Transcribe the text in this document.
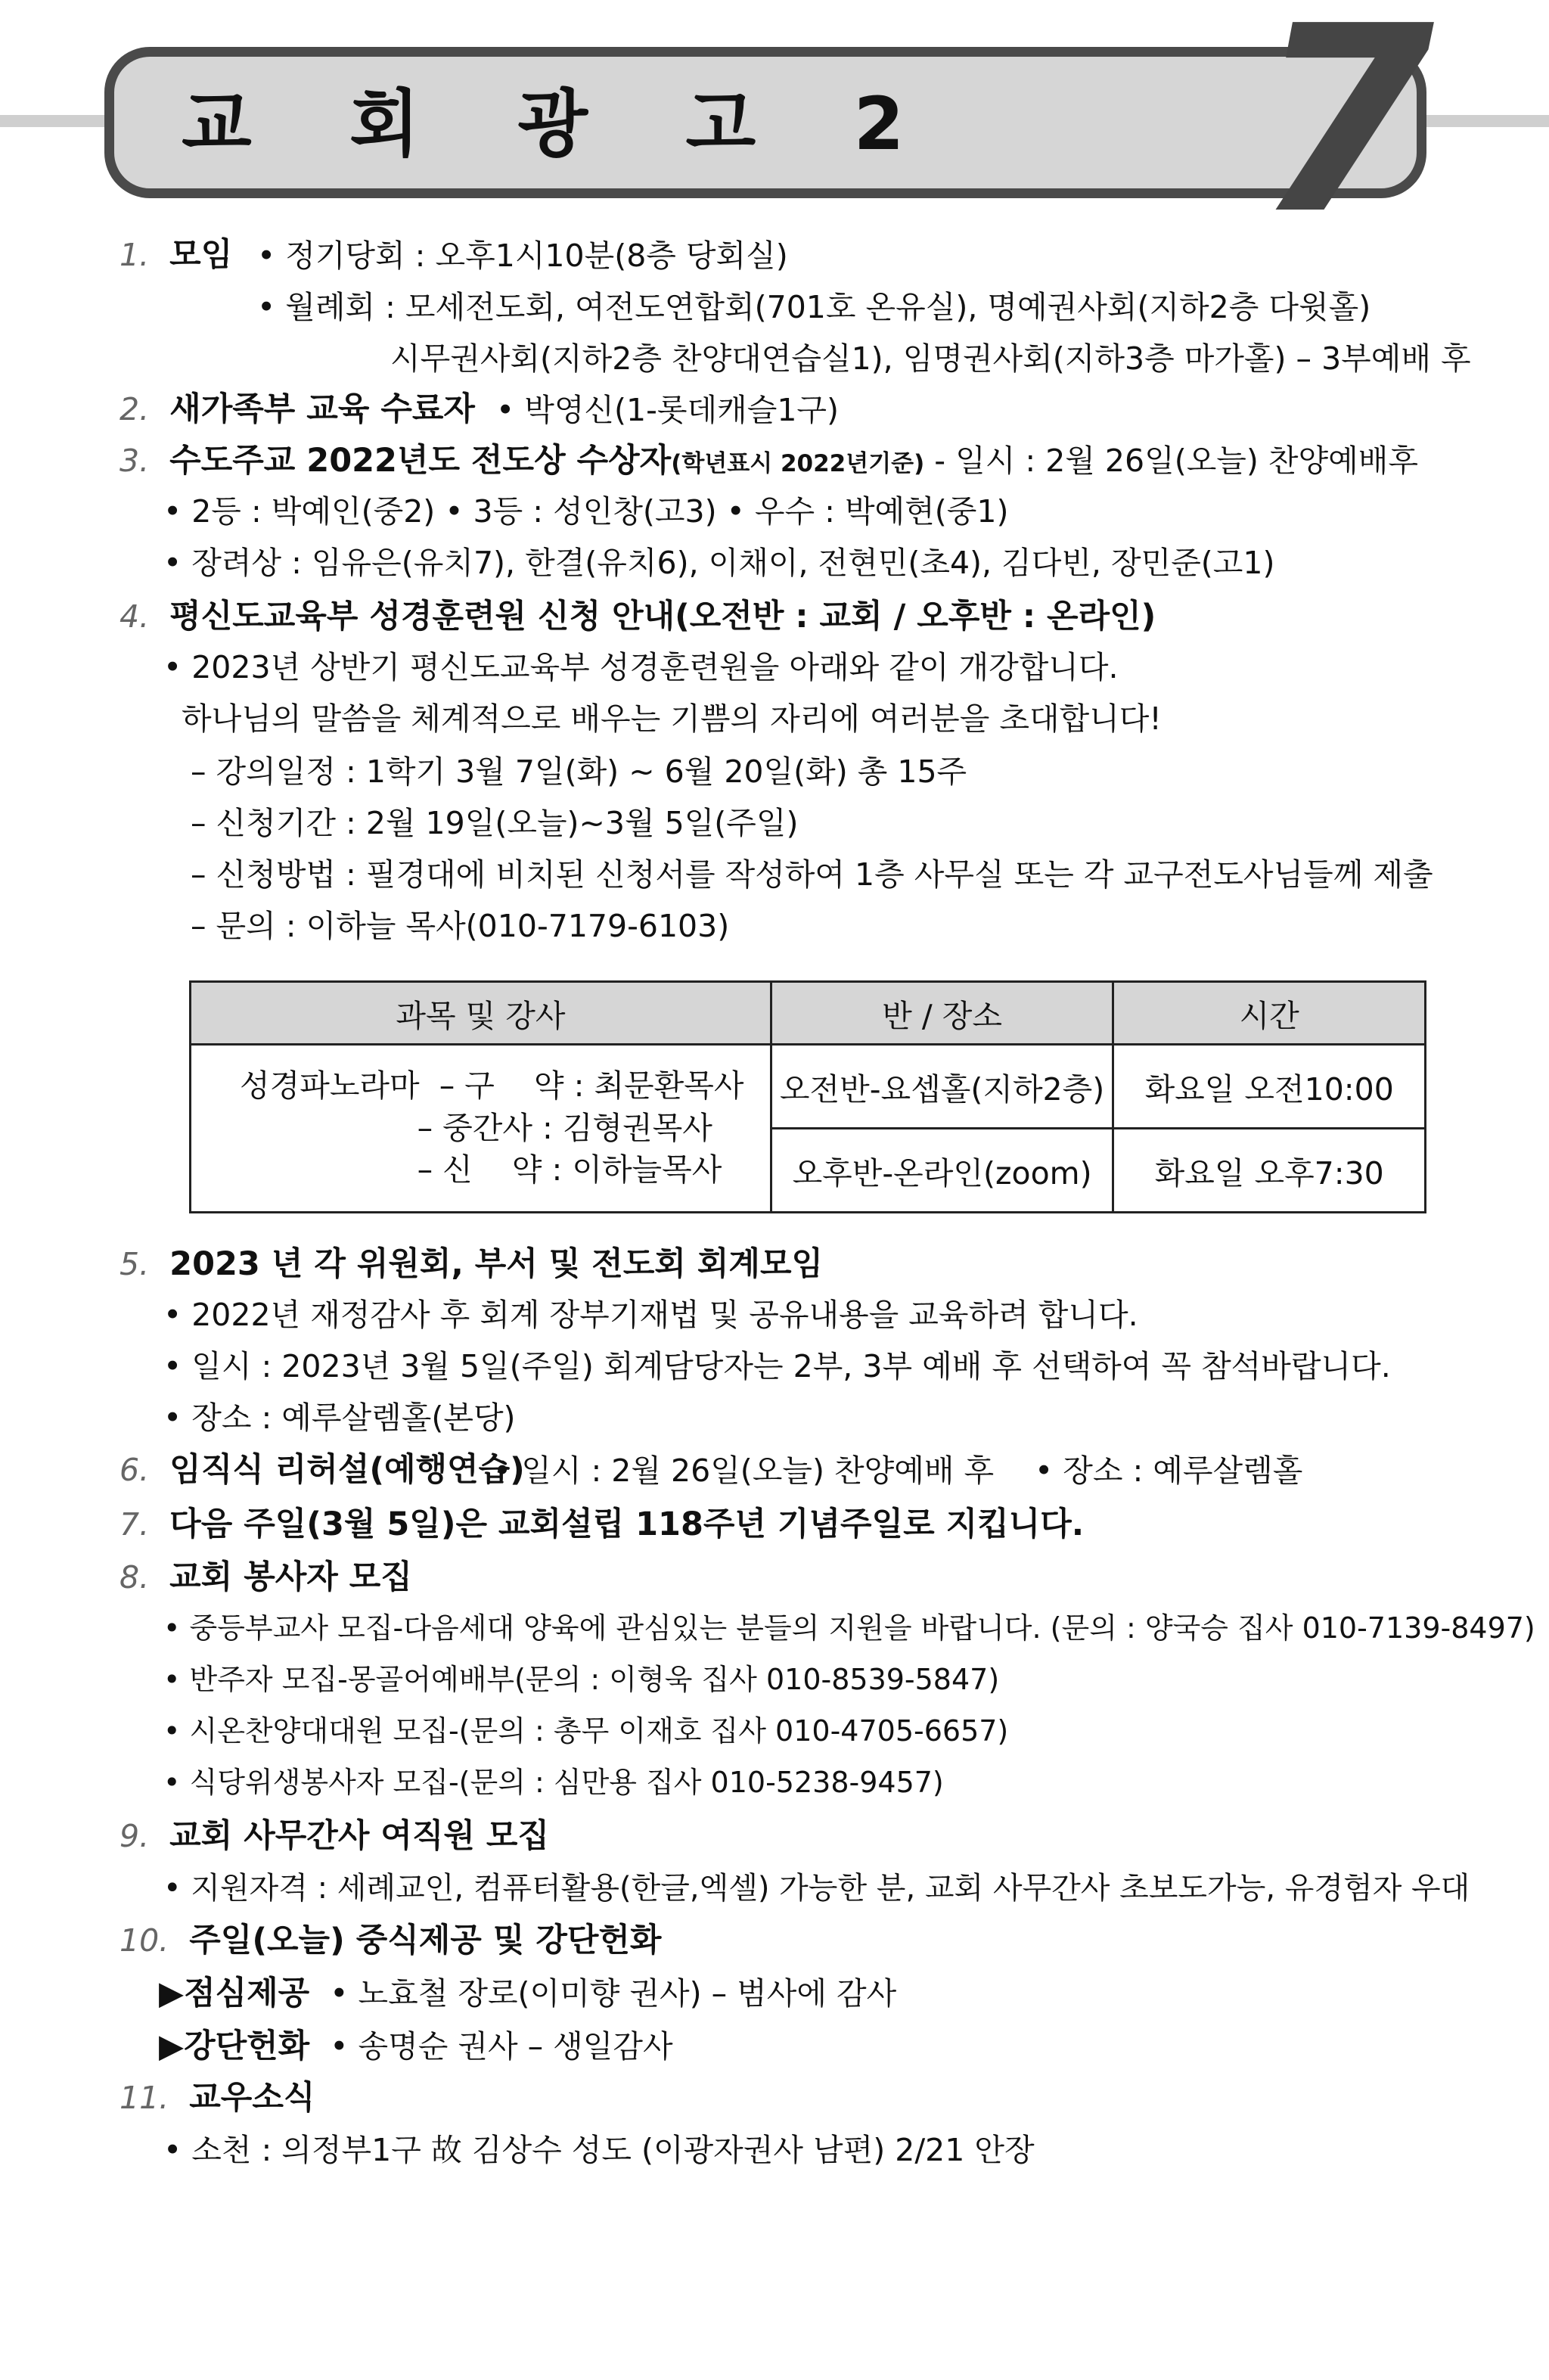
교 회 광 고 2 7
1. 모임 • 정기당회 : 오후1시10분(8층 당회실)
• 월례회 : 모세전도회, 여전도연합회(701호 온유실), 명예권사회(지하2층 다윗홀)
시무권사회(지하2층 찬양대연습실1), 임명권사회(지하3층 마가홀) – 3부예배 후
2. 새가족부 교육 수료자 • 박영신(1-롯데캐슬1구)
3. 수도주교 2022년도 전도상 수상자(학년표시 2022년기준) - 일시 : 2월 26일(오늘) 찬양예배후
• 2등 : 박예인(중2) • 3등 : 성인창(고3) • 우수 : 박예현(중1)
• 장려상 : 임유은(유치7), 한결(유치6), 이채이, 전현민(초4), 김다빈, 장민준(고1)
4. 평신도교육부 성경훈련원 신청 안내(오전반 : 교회 / 오후반 : 온라인)
• 2023년 상반기 평신도교육부 성경훈련원을 아래와 같이 개강합니다.
하나님의 말씀을 체계적으로 배우는 기쁨의 자리에 여러분을 초대합니다!
– 강의일정 : 1학기 3월 7일(화) ~ 6월 20일(화) 총 15주
– 신청기간 : 2월 19일(오늘)~3월 5일(주일)
– 신청방법 : 필경대에 비치된 신청서를 작성하여 1층 사무실 또는 각 교구전도사님들께 제출
– 문의 : 이하늘 목사(010-7179-6103)
과목 및 강사	반 / 장소	시간

성경파노라마  – 구    약 : 최문환목사
– 중간사 : 김형권목사
– 신    약 : 이하늘목사	오전반-요셉홀(지하2층)	화요일 오전10:00
	오후반-온라인(zoom)	화요일 오후7:30
5. 2023 년 각 위원회, 부서 및 전도회 회계모임
• 2022년 재정감사 후 회계 장부기재법 및 공유내용을 교육하려 합니다.
• 일시 : 2023년 3월 5일(주일) 회계담당자는 2부, 3부 예배 후 선택하여 꼭 참석바랍니다.
• 장소 : 예루살렘홀(본당)
6. 임직식 리허설(예행연습)
• 일시 : 2월 26일(오늘) 찬양예배 후 • 장소 : 예루살렘홀
7. 다음 주일(3월 5일)은 교회설립 118주년 기념주일로 지킵니다.
8. 교회 봉사자 모집
• 중등부교사 모집-다음세대 양육에 관심있는 분들의 지원을 바랍니다. (문의 : 양국승 집사 010-7139-8497)
• 반주자 모집-몽골어예배부(문의 : 이형욱 집사 010-8539-5847)
• 시온찬양대대원 모집-(문의 : 총무 이재호 집사 010-4705-6657)
• 식당위생봉사자 모집-(문의 : 심만용 집사 010-5238-9457)
9. 교회 사무간사 여직원 모집
• 지원자격 : 세례교인, 컴퓨터활용(한글,엑셀) 가능한 분, 교회 사무간사 초보도가능, 유경험자 우대
10. 주일(오늘) 중식제공 및 강단헌화
▶점심제공 • 노효철 장로(이미향 권사) – 범사에 감사
▶강단헌화 • 송명순 권사 – 생일감사
11. 교우소식
• 소천 : 의정부1구 故 김상수 성도 (이광자권사 남편) 2/21 안장
